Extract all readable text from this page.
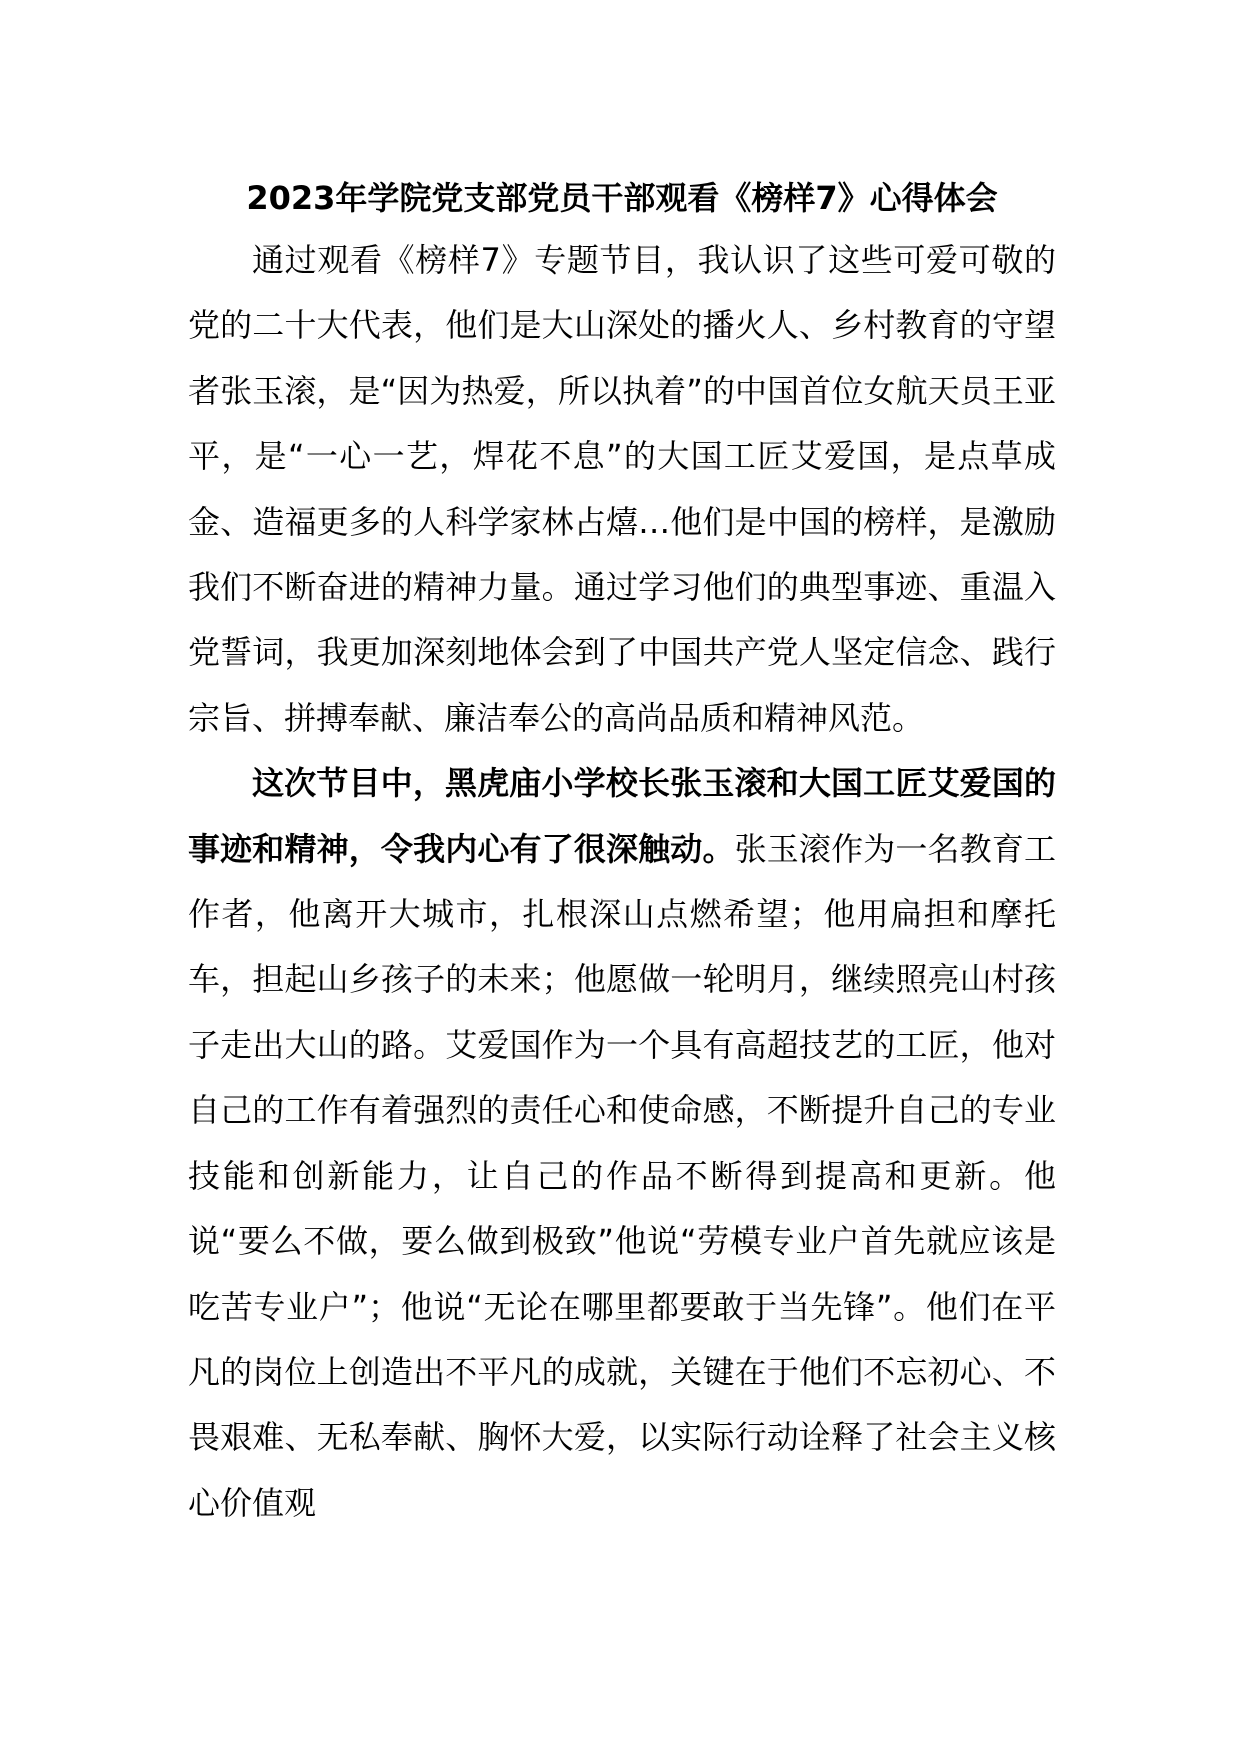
2023年学院党支部党员干部观看《榜样7》心得体会

通过观看《榜样7》专题节目，我认识了这些可爱可敬的党的二十大代表，他们是大山深处的播火人、乡村教育的守望者张玉滚，是“因为热爱，所以执着”的中国首位女航天员王亚平，是“一心一艺，焊花不息”的大国工匠艾爱国，是点草成金、造福更多的人科学家林占熺…他们是中国的榜样，是激励我们不断奋进的精神力量。通过学习他们的典型事迹、重温入党誓词，我更加深刻地体会到了中国共产党人坚定信念、践行宗旨、拼搏奉献、廉洁奉公的高尚品质和精神风范。

这次节目中，黑虎庙小学校长张玉滚和大国工匠艾爱国的事迹和精神，令我内心有了很深触动。张玉滚作为一名教育工作者，他离开大城市，扎根深山点燃希望；他用扁担和摩托车，担起山乡孩子的未来；他愿做一轮明月，继续照亮山村孩子走出大山的路。艾爱国作为一个具有高超技艺的工匠，他对自己的工作有着强烈的责任心和使命感，不断提升自己的专业技能和创新能力，让自己的作品不断得到提高和更新。他说“要么不做，要么做到极致”他说“劳模专业户首先就应该是吃苦专业户”；他说“无论在哪里都要敢于当先锋”。他们在平凡的岗位上创造出不平凡的成就，关键在于他们不忘初心、不畏艰难、无私奉献、胸怀大爱，以实际行动诠释了社会主义核心价值观
